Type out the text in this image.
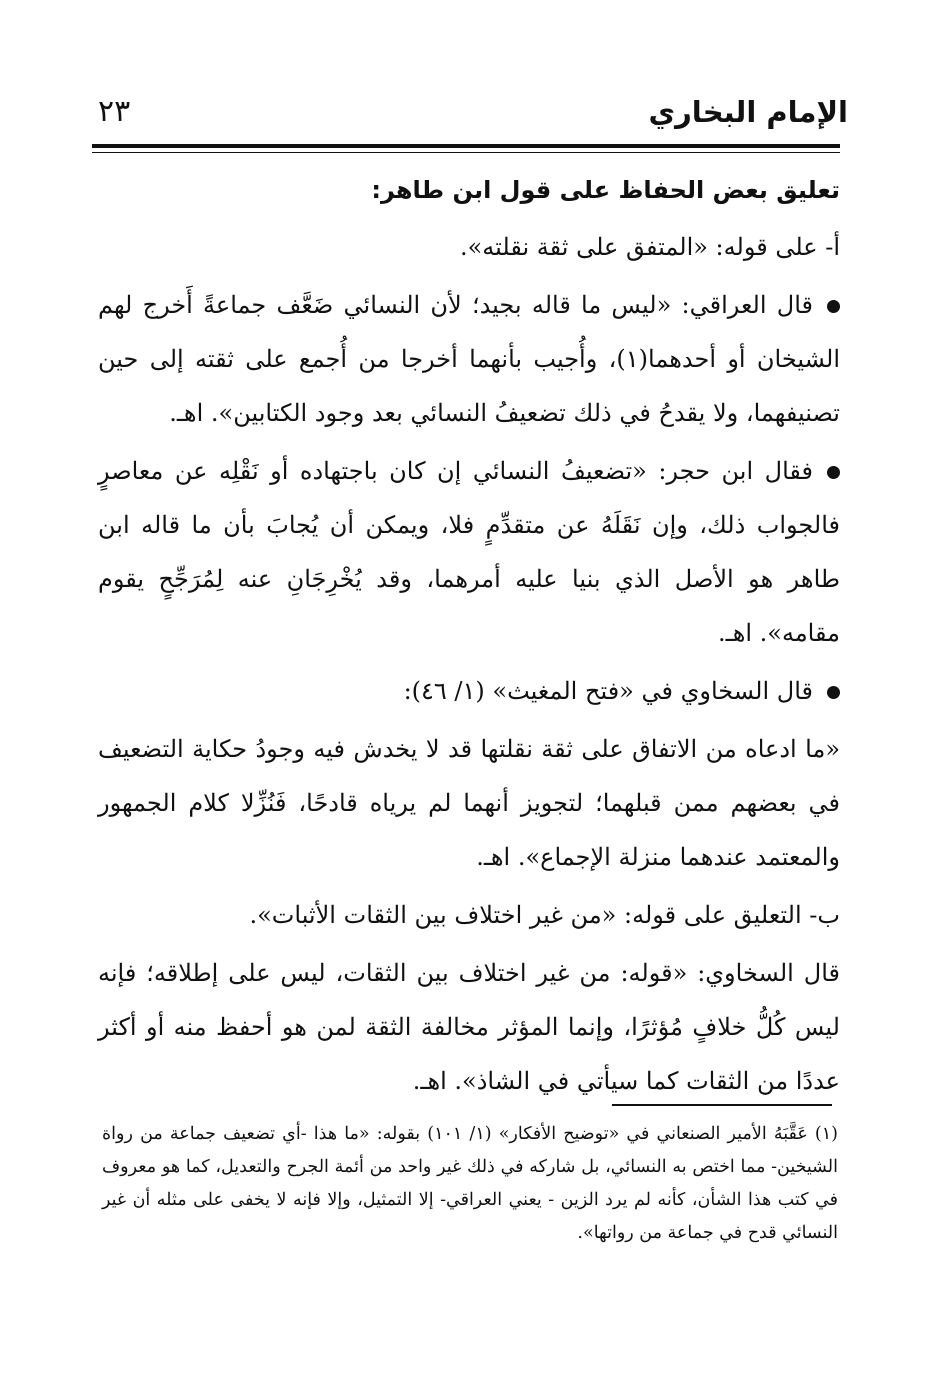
الإمام البخاري
٢٣
تعليق بعض الحفاظ على قول ابن طاهر:

أ- على قوله: «المتفق على ثقة نقلته».

قال العراقي: «ليس ما قاله بجيد؛ لأن النسائي ضَعَّف جماعةً أَخرج لهم الشيخان أو أحدهما(١)، وأُجيب بأنهما أخرجا من أُجمع على ثقته إلى حين تصنيفهما، ولا يقدحُ في ذلك تضعيفُ النسائي بعد وجود الكتابين». اهـ.

فقال ابن حجر: «تضعيفُ النسائي إن كان باجتهاده أو نَقْلِه عن معاصرٍ فالجواب ذلك، وإن نَقَلَهُ عن متقدِّمٍ فلا، ويمكن أن يُجابَ بأن ما قاله ابن طاهر هو الأصل الذي بنيا عليه أمرهما، وقد يُخْرِجَانِ عنه لِمُرَجِّحٍ يقوم مقامه». اهـ.

قال السخاوي في «فتح المغيث» (١/ ٤٦):

«ما ادعاه من الاتفاق على ثقة نقلتها قد لا يخدش فيه وجودُ حكاية التضعيف في بعضهم ممن قبلهما؛ لتجويز أنهما لم يرياه قادحًا، فَنُزِّلا كلام الجمهور والمعتمد عندهما منزلة الإجماع». اهـ.

ب- التعليق على قوله: «من غير اختلاف بين الثقات الأثبات».

قال السخاوي: «قوله: من غير اختلاف بين الثقات، ليس على إطلاقه؛ فإنه ليس كُلُّ خلافٍ مُؤثرًا، وإنما المؤثر مخالفة الثقة لمن هو أحفظ منه أو أكثر عددًا من الثقات كما سيأتي في الشاذ». اهـ.

(١) عَقَّبَهُ الأمير الصنعاني في «توضيح الأفكار» (١/ ١٠١) بقوله: «ما هذا -أي تضعيف جماعة من رواة الشيخين- مما اختص به النسائي، بل شاركه في ذلك غير واحد من أئمة الجرح والتعديل، كما هو معروف في كتب هذا الشأن، كأنه لم يرد الزين - يعني العراقي- إلا التمثيل، وإلا فإنه لا يخفى على مثله أن غير النسائي قدح في جماعة من رواتها».
